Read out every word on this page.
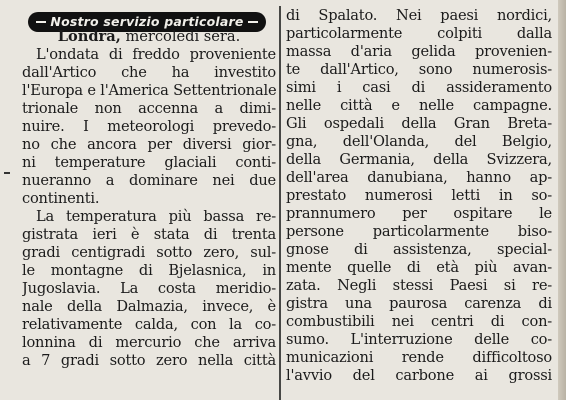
Nostro servizio particolare
Londra, mercoledì sera.
L'ondata di freddo proveniente
dall'Artico che ha investito
l'Europa e l'America Settentrionale
trionale non accenna a dimi-
nuire. I meteorologi prevedo-
no che ancora per diversi gior-
ni temperature glaciali conti-
nueranno a dominare nei due
continenti.
La temperatura più bassa re-
gistrata ieri è stata di trenta
gradi centigradi sotto zero, sul-
le montagne di Bjelasnica, in
Jugoslavia. La costa meridio-
nale della Dalmazia, invece, è
relativamente calda, con la co-
lonnina di mercurio che arriva
a 7 gradi sotto zero nella città
di Spalato. Nei paesi nordici,
particolarmente colpiti dalla
massa d'aria gelida provenien-
te dall'Artico, sono numerosis-
simi i casi di assideramento
nelle città e nelle campagne.
Gli ospedali della Gran Breta-
gna, dell'Olanda, del Belgio,
della Germania, della Svizzera,
dell'area danubiana, hanno ap-
prestato numerosi letti in so-
prannumero per ospitare le
persone particolarmente biso-
gnose di assistenza, special-
mente quelle di età più avan-
zata. Negli stessi Paesi si re-
gistra una paurosa carenza di
combustibili nei centri di con-
sumo. L'interruzione delle co-
municazioni rende difficoltoso
l'avvio del carbone ai grossi
